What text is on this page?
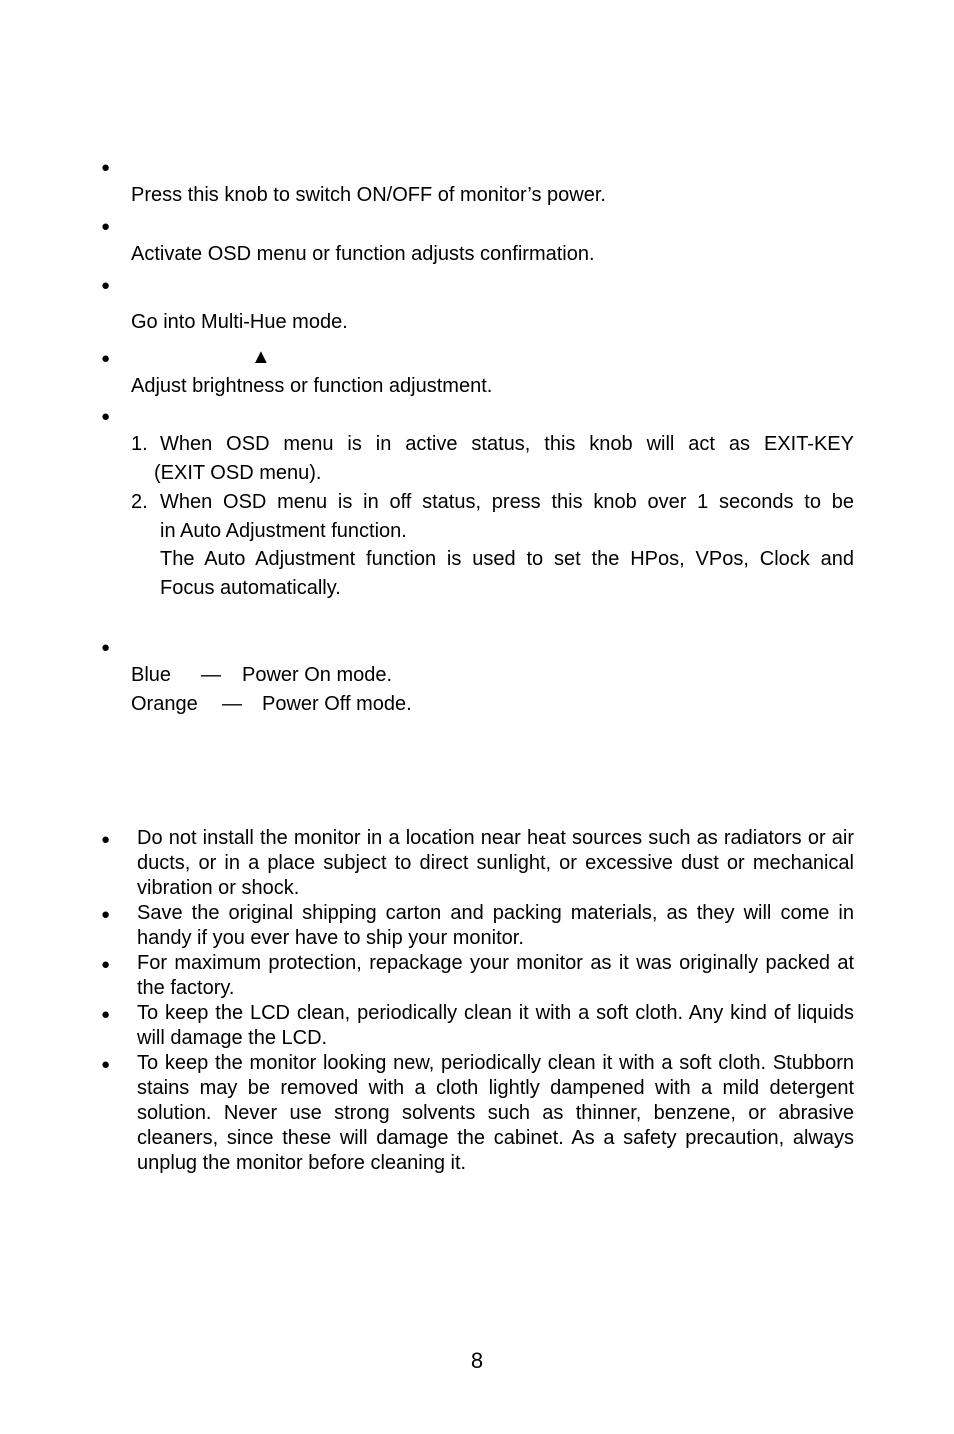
●
Press this knob to switch ON/OFF of monitor’s power.
●
Activate OSD menu or function adjusts confirmation.
●
Go into Multi-Hue mode.
●	▲
Adjust brightness or function adjustment.
●
1. When OSD menu is in active status, this knob will act as EXIT-KEY
(EXIT OSD menu).
2. When OSD menu is in off status, press this knob over 1 seconds to be
in Auto Adjustment function.
The Auto Adjustment function is used to set the HPos, VPos, Clock and
Focus automatically.
●
Blue — Power On mode.
Orange — Power Off mode.
● Do not install the monitor in a location near heat sources such as radiators or air ducts, or in a place subject to direct sunlight, or excessive dust or mechanical vibration or shock.
● Save the original shipping carton and packing materials, as they will come in handy if you ever have to ship your monitor.
● For maximum protection, repackage your monitor as it was originally packed at the factory.
● To keep the LCD clean, periodically clean it with a soft cloth. Any kind of liquids will damage the LCD.
● To keep the monitor looking new, periodically clean it with a soft cloth. Stubborn stains may be removed with a cloth lightly dampened with a mild detergent solution. Never use strong solvents such as thinner, benzene, or abrasive cleaners, since these will damage the cabinet. As a safety precaution, always unplug the monitor before cleaning it.
8
